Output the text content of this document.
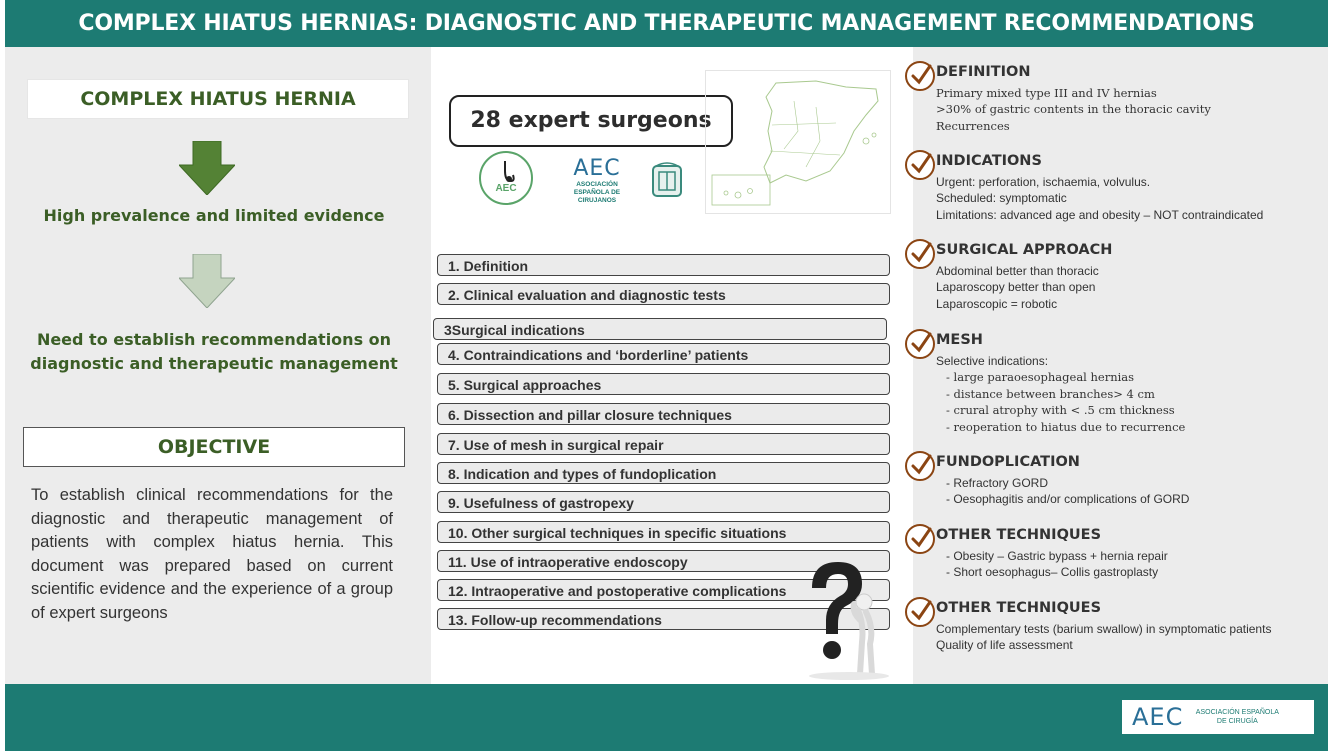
COMPLEX HIATUS HERNIAS: DIAGNOSTIC AND THERAPEUTIC MANAGEMENT RECOMMENDATIONS
COMPLEX HIATUS HERNIA
High prevalence and limited evidence
Need to establish recommendations on
diagnostic and therapeutic management
OBJECTIVE
To establish clinical recommendations for the diagnostic and therapeutic management of patients with complex hiatus hernia. This document was prepared based on current scientific evidence and the experience of a group of expert surgeons
28 expert surgeons
AEC
AEC
ASOCIACIÓN ESPAÑOLA DE CIRUJANOS
1. Definition
2. Clinical evaluation and diagnostic tests
3Surgical indications
4. Contraindications and ‘borderline’ patients
5. Surgical approaches
6. Dissection and pillar closure techniques
7. Use of mesh in surgical repair
8. Indication and types of fundoplication
9. Usefulness of gastropexy
10. Other surgical techniques in specific situations
11. Use of intraoperative endoscopy
12. Intraoperative and postoperative complications
13. Follow-up recommendations
DEFINITION
Primary mixed type III and IV hernias
>30% of gastric contents in the thoracic cavity
Recurrences
INDICATIONS
Urgent: perforation, ischaemia, volvulus.
Scheduled: symptomatic
Limitations: advanced age and obesity – NOT contraindicated
SURGICAL APPROACH
Abdominal better than thoracic
Laparoscopy better than open
Laparoscopic = robotic
MESH
Selective indications:
- large paraoesophageal hernias
- distance between branches> 4 cm
- crural atrophy with < .5 cm thickness
- reoperation to hiatus due to recurrence
FUNDOPLICATION
- Refractory GORD
- Oesophagitis and/or complications of GORD
OTHER TECHNIQUES
- Obesity – Gastric bypass + hernia repair
- Short oesophagus– Collis gastroplasty
OTHER TECHNIQUES
Complementary tests (barium swallow) in symptomatic patients
Quality of life assessment
AEC	ASOCIACIÓN ESPAÑOLA DE CIRUGÍA
